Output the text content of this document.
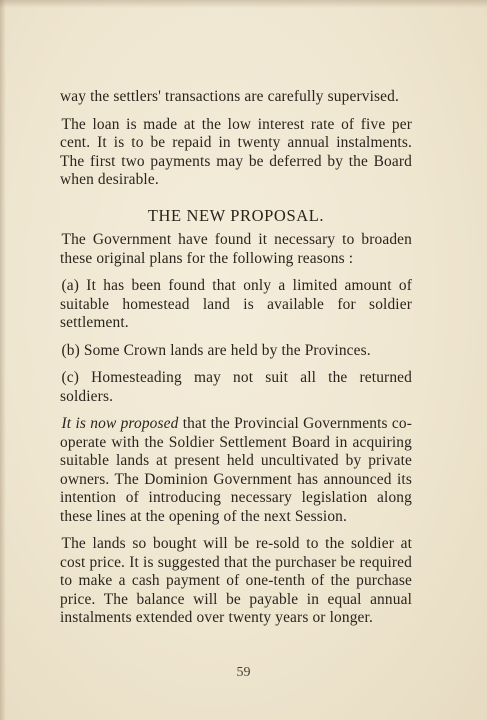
way the settlers' transactions are carefully supervised.

The loan is made at the low interest rate of five per cent. It is to be repaid in twenty annual instalments. The first two payments may be deferred by the Board when desirable.

THE NEW PROPOSAL.

The Government have found it necessary to broaden these original plans for the following reasons :

(a) It has been found that only a limited amount of suitable homestead land is available for soldier settlement.

(b) Some Crown lands are held by the Provinces.

(c) Homesteading may not suit all the returned soldiers.

It is now proposed that the Provincial Governments co-operate with the Soldier Settlement Board in acquiring suitable lands at present held uncultivated by private owners. The Dominion Government has announced its intention of introducing necessary legislation along these lines at the opening of the next Session.

The lands so bought will be re-sold to the soldier at cost price. It is suggested that the purchaser be required to make a cash payment of one-tenth of the purchase price. The balance will be payable in equal annual instalments extended over twenty years or longer.

59
